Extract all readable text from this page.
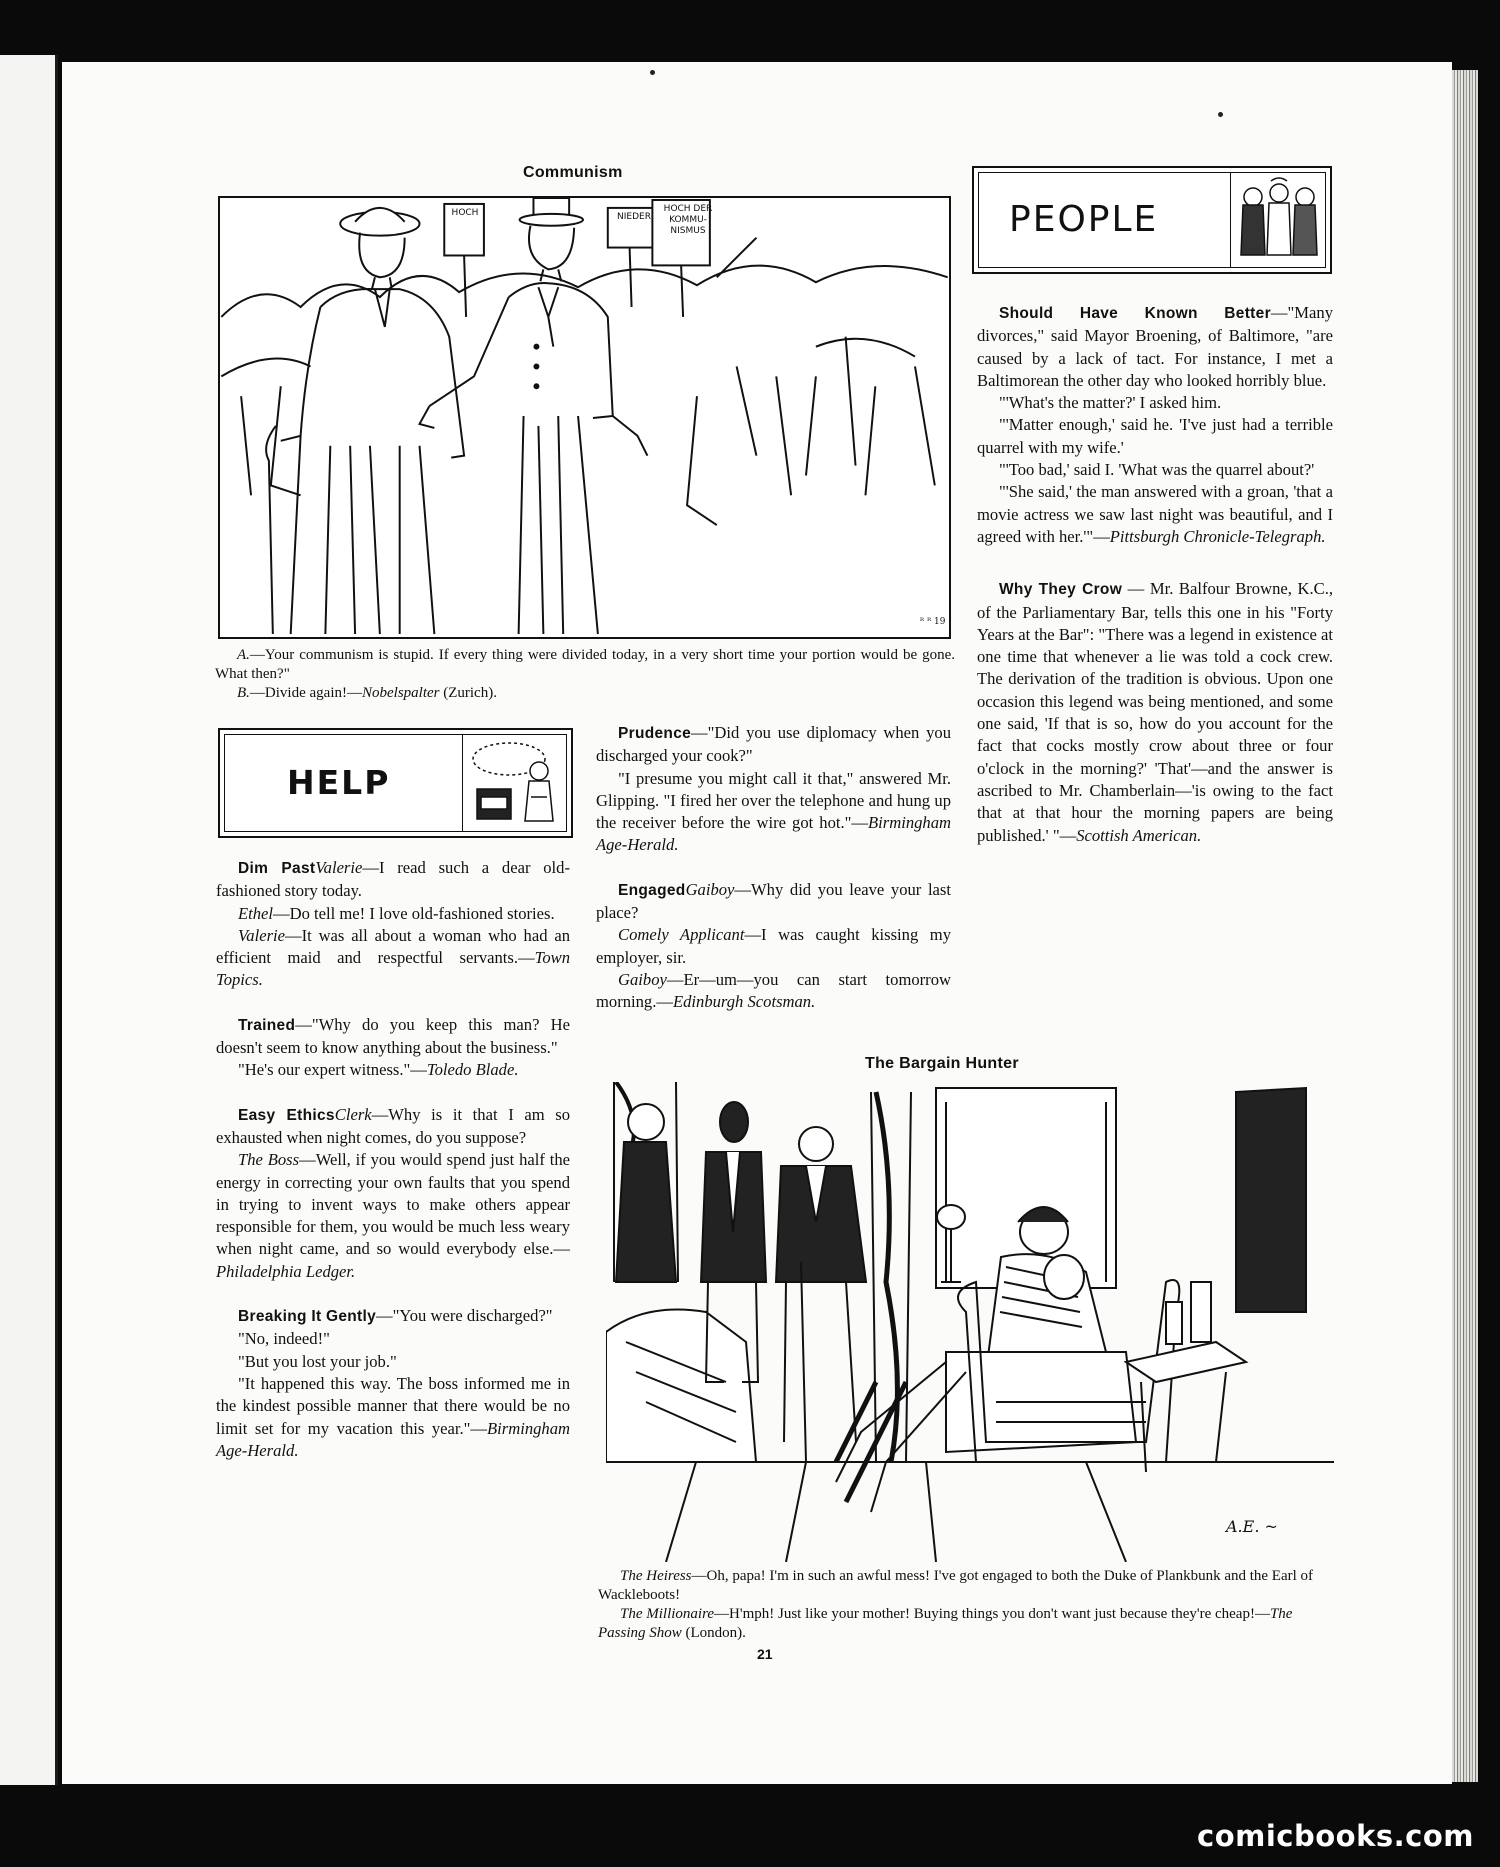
Communism
ᴿ ᴿ 19
HOCH DER KOMMU-NISMUS
HOCH	NIEDER

A.—Your communism is stupid. If every thing were divided today, in a very short time your portion would be gone. What then?"

B.—Divide again!—Nobelspalter (Zurich).

PEOPLE
HELP

Dim PastValerie—I read such a dear old-fashioned story today.

Ethel—Do tell me! I love old-fashioned stories.

Valerie—It was all about a woman who had an efficient maid and respectful servants.—Town Topics.

Trained—"Why do you keep this man? He doesn't seem to know anything about the business."

"He's our expert witness."—Toledo Blade.

Easy EthicsClerk—Why is it that I am so exhausted when night comes, do you suppose?

The Boss—Well, if you would spend just half the energy in correcting your own faults that you spend in trying to invent ways to make others appear responsible for them, you would be much less weary when night came, and so would everybody else.—Philadelphia Ledger.

Breaking It Gently—"You were discharged?"

"No, indeed!"

"But you lost your job."

"It happened this way. The boss informed me in the kindest possible manner that there would be no limit set for my vacation this year."—Birmingham Age-Herald.

Prudence—"Did you use diplomacy when you discharged your cook?"

"I presume you might call it that," answered Mr. Glipping. "I fired her over the telephone and hung up the receiver before the wire got hot."—Birmingham Age-Herald.

EngagedGaiboy—Why did you leave your last place?

Comely Applicant—I was caught kissing my employer, sir.

Gaiboy—Er—um—you can start tomorrow morning.—Edinburgh Scotsman.

Should Have Known Better—"Many divorces," said Mayor Broening, of Baltimore, "are caused by a lack of tact. For instance, I met a Baltimorean the other day who looked horribly blue.

"'What's the matter?' I asked him.

"'Matter enough,' said he. 'I've just had a terrible quarrel with my wife.'

"'Too bad,' said I. 'What was the quarrel about?'

"'She said,' the man answered with a groan, 'that a movie actress we saw last night was beautiful, and I agreed with her.'"—Pittsburgh Chronicle-Telegraph.

Why They Crow — Mr. Balfour Browne, K.C., of the Parliamentary Bar, tells this one in his "Forty Years at the Bar": "There was a legend in existence at one time that whenever a lie was told a cock crew. The derivation of the tradition is obvious. Upon one occasion this legend was being mentioned, and some one said, 'If that is so, how do you account for the fact that cocks mostly crow about three or four o'clock in the morning?' 'That'—and the answer is ascribed to Mr. Chamberlain—'is owing to the fact that at that hour the morning papers are being published.' "—Scottish American.

The Bargain Hunter
A.E. ~

The Heiress—Oh, papa! I'm in such an awful mess! I've got engaged to both the Duke of Plankbunk and the Earl of Wackleboots!

The Millionaire—H'mph! Just like your mother! Buying things you don't want just because they're cheap!—The Passing Show (London).

21
comicbooks.com
